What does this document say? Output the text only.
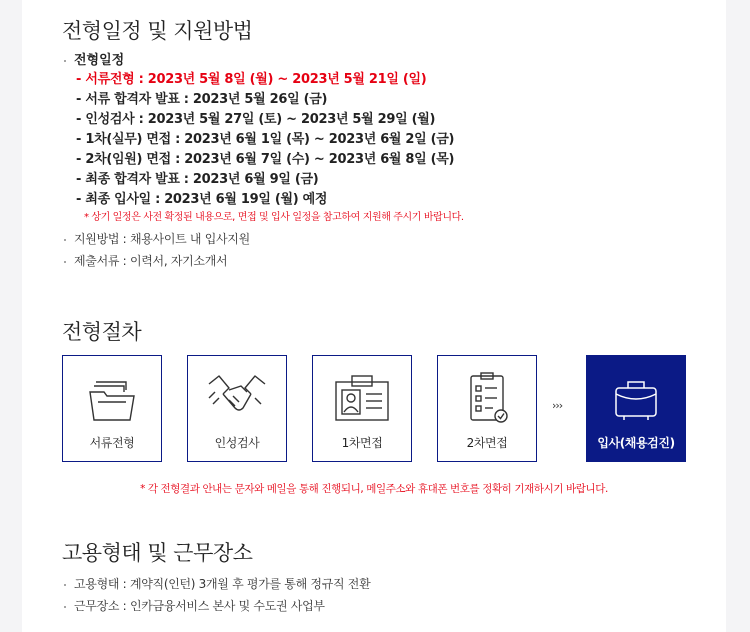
전형일정 및 지원방법
전형일정
- 서류전형 : 2023년 5월 8일 (월) ~ 2023년 5월 21일 (일)
- 서류 합격자 발표 : 2023년 5월 26일 (금)
- 인성검사 : 2023년 5월 27일 (토) ~ 2023년 5월 29일 (월)
- 1차(실무) 면접 : 2023년 6월 1일 (목) ~ 2023년 6월 2일 (금)
- 2차(임원) 면접 : 2023년 6월 7일 (수) ~ 2023년 6월 8일 (목)
- 최종 합격자 발표 : 2023년 6월 9일 (금)
- 최종 입사일 : 2023년 6월 19일 (월) 예정
* 상기 일정은 사전 확정된 내용으로, 면접 및 입사 일정을 참고하여 지원해 주시기 바랍니다.
지원방법 : 채용사이트 내 입사지원
제출서류 : 이력서, 자기소개서
전형절차
서류전형	인성검사	1차면접	2차면접
›››
입사(채용검진)
* 각 전형결과 안내는 문자와 메일을 통해 진행되니, 메일주소와 휴대폰 번호를 정확히 기재하시기 바랍니다.
고용형태 및 근무장소
고용형태 : 계약직(인턴) 3개월 후 평가를 통해 정규직 전환
근무장소 : 인카금융서비스 본사 및 수도권 사업부
